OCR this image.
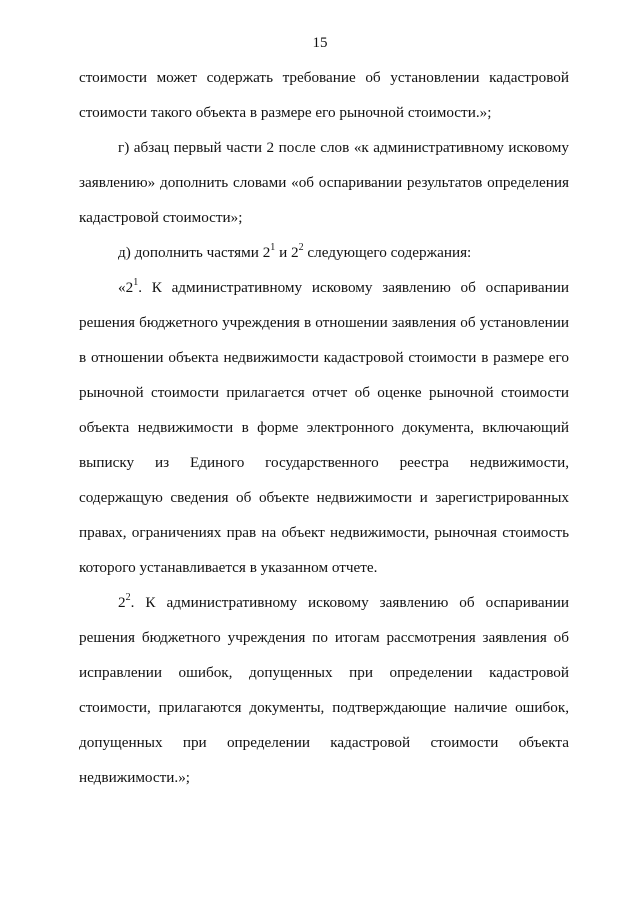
15
стоимости может содержать требование об установлении кадастровой
стоимости такого объекта в размере его рыночной стоимости.»;
г) абзац первый части 2 после слов «к административному исковому
заявлению» дополнить словами «об оспаривании результатов определения
кадастровой стоимости»;
д) дополнить частями $2^1$ и $2^2$ следующего содержания:
«$2^1$. К административному исковому заявлению об оспаривании
решения бюджетного учреждения в отношении заявления об установлении
в отношении объекта недвижимости кадастровой стоимости в размере его
рыночной стоимости прилагается отчет об оценке рыночной стоимости
объекта недвижимости в форме электронного документа, включающий
выписку из Единого государственного реестра недвижимости,
содержащую сведения об объекте недвижимости и зарегистрированных
правах, ограничениях прав на объект недвижимости, рыночная стоимость
которого устанавливается в указанном отчете.
$2^2$. К административному исковому заявлению об оспаривании
решения бюджетного учреждения по итогам рассмотрения заявления об
исправлении ошибок, допущенных при определении кадастровой
стоимости, прилагаются документы, подтверждающие наличие ошибок,
допущенных при определении кадастровой стоимости объекта
недвижимости.»;
